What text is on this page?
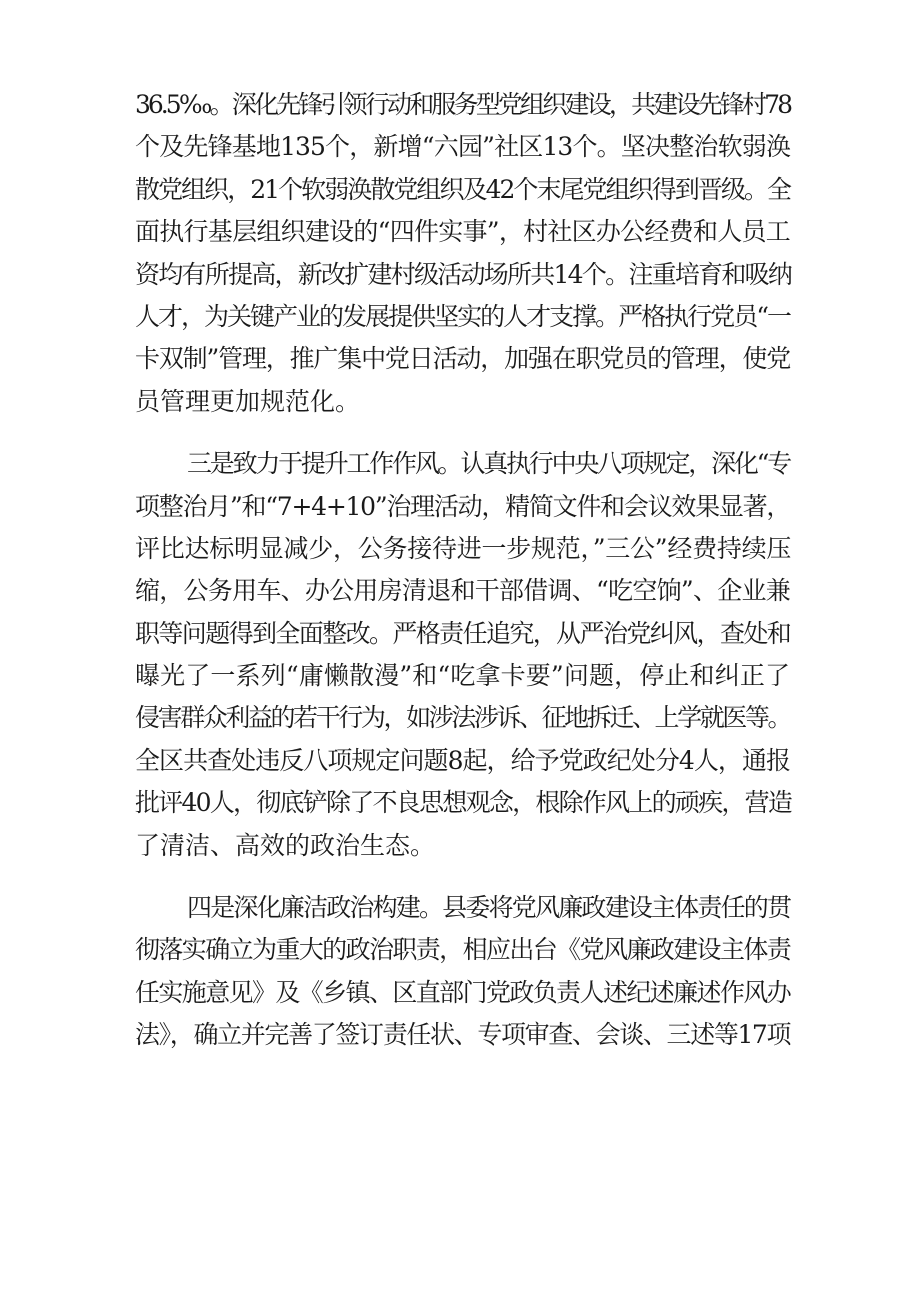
36.5‰。深化先锋引领行动和服务型党组织建设，共建设先锋村78
个及先锋基地135个，新增“六园”社区13个。坚决整治软弱涣
散党组织，21个软弱涣散党组织及42个末尾党组织得到晋级。全
面执行基层组织建设的“四件实事”，村社区办公经费和人员工
资均有所提高，新改扩建村级活动场所共14个。注重培育和吸纳
人才，为关键产业的发展提供坚实的人才支撑。严格执行党员“一
卡双制”管理，推广集中党日活动，加强在职党员的管理，使党
员管理更加规范化。
三是致力于提升工作作风。认真执行中央八项规定，深化“专
项整治月”和“7+4+10”治理活动，精简文件和会议效果显著，
评比达标明显减少，公务接待进一步规范，”三公”经费持续压
缩，公务用车、办公用房清退和干部借调、“吃空饷”、企业兼
职等问题得到全面整改。严格责任追究，从严治党纠风，查处和
曝光了一系列“庸懒散漫”和“吃拿卡要”问题，停止和纠正了
侵害群众利益的若干行为，如涉法涉诉、征地拆迁、上学就医等。
全区共查处违反八项规定问题8起，给予党政纪处分4人，通报
批评40人，彻底铲除了不良思想观念，根除作风上的顽疾，营造
了清洁、高效的政治生态。
四是深化廉洁政治构建。县委将党风廉政建设主体责任的贯
彻落实确立为重大的政治职责，相应出台《党风廉政建设主体责
任实施意见》及《乡镇、区直部门党政负责人述纪述廉述作风办
法》，确立并完善了签订责任状、专项审查、会谈、三述等17项
